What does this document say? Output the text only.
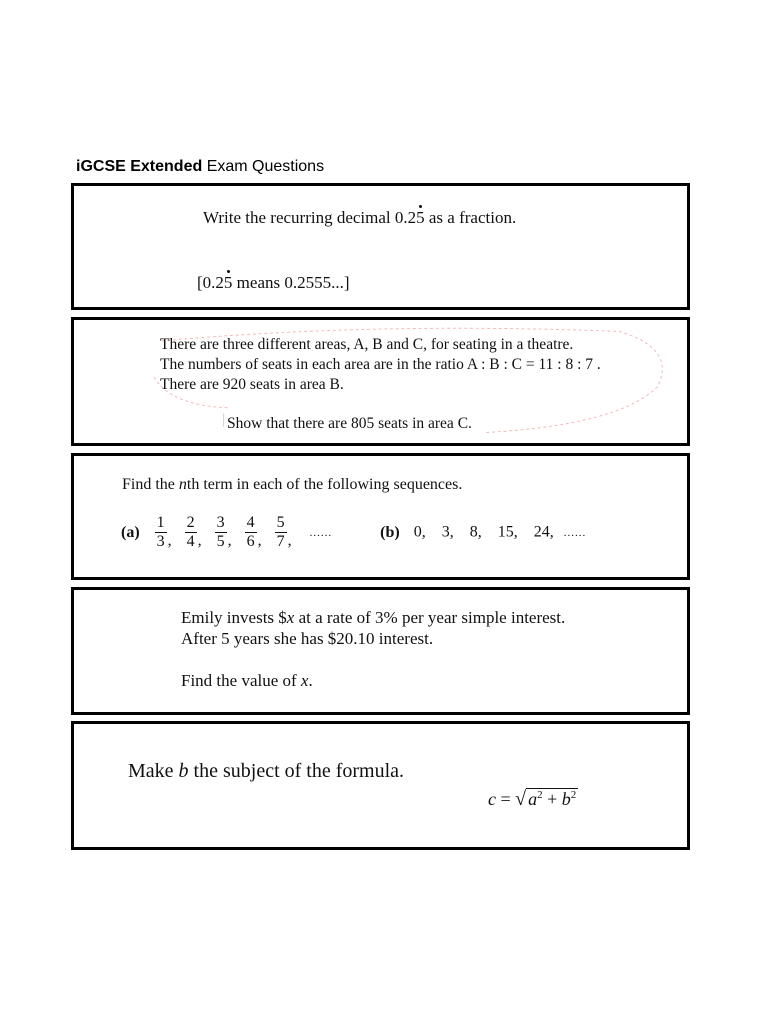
iGCSE Extended Exam Questions
Write the recurring decimal 0.25 as a fraction.
[0.25 means 0.2555...]
There are three different areas, A, B and C, for seating in a theatre.
The numbers of seats in each area are in the ratio A : B : C = 11 : 8 : 7 .
There are 920 seats in area B.
Show that there are 805 seats in area C.
Find the nth term in each of the following sequences.
$(a) \frac{1}{3}$ , $\frac{2}{4}$ , $\frac{3}{5}$ , $\frac{4}{6}$ , $\frac{5}{7}$ , ......	(b) 0,    3,    8,    15,    24, ......
Emily invests $x at a rate of 3% per year simple interest.
After 5 years she has $20.10 interest.
Find the value of x.
Make b the subject of the formula.
c = √ $a^2 + b^2$
